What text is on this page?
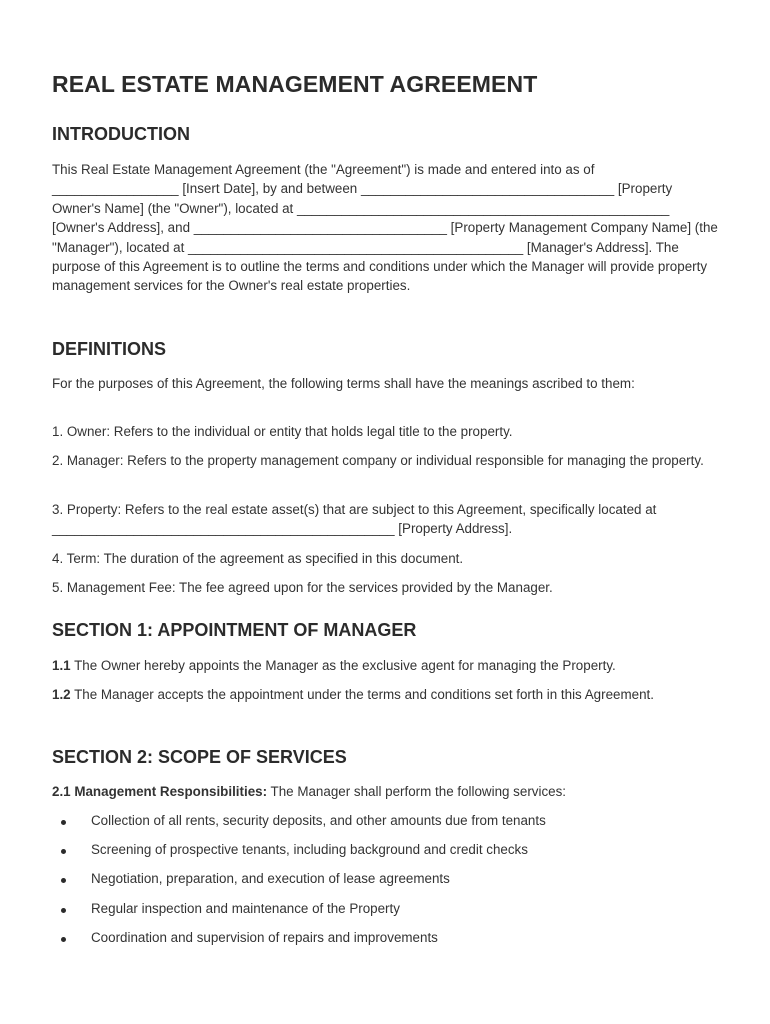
REAL ESTATE MANAGEMENT AGREEMENT
INTRODUCTION

This Real Estate Management Agreement (the "Agreement") is made and entered into as of _________________ [Insert Date], by and between __________________________________ [Property Owner's Name] (the "Owner"), located at __________________________________________________ [Owner's Address], and __________________________________ [Property Management Company Name] (the "Manager"), located at _____________________________________________ [Manager's Address]. The purpose of this Agreement is to outline the terms and conditions under which the Manager will provide property management services for the Owner's real estate properties.

DEFINITIONS

For the purposes of this Agreement, the following terms shall have the meanings ascribed to them:

1. Owner: Refers to the individual or entity that holds legal title to the property.

2. Manager: Refers to the property management company or individual responsible for managing the property.

3. Property: Refers to the real estate asset(s) that are subject to this Agreement, specifically located at ______________________________________________ [Property Address].

4. Term: The duration of the agreement as specified in this document.

5. Management Fee: The fee agreed upon for the services provided by the Manager.

SECTION 1: APPOINTMENT OF MANAGER

1.1 The Owner hereby appoints the Manager as the exclusive agent for managing the Property.

1.2 The Manager accepts the appointment under the terms and conditions set forth in this Agreement.

SECTION 2: SCOPE OF SERVICES

2.1 Management Responsibilities: The Manager shall perform the following services:

Collection of all rents, security deposits, and other amounts due from tenants
Screening of prospective tenants, including background and credit checks
Negotiation, preparation, and execution of lease agreements
Regular inspection and maintenance of the Property
Coordination and supervision of repairs and improvements
